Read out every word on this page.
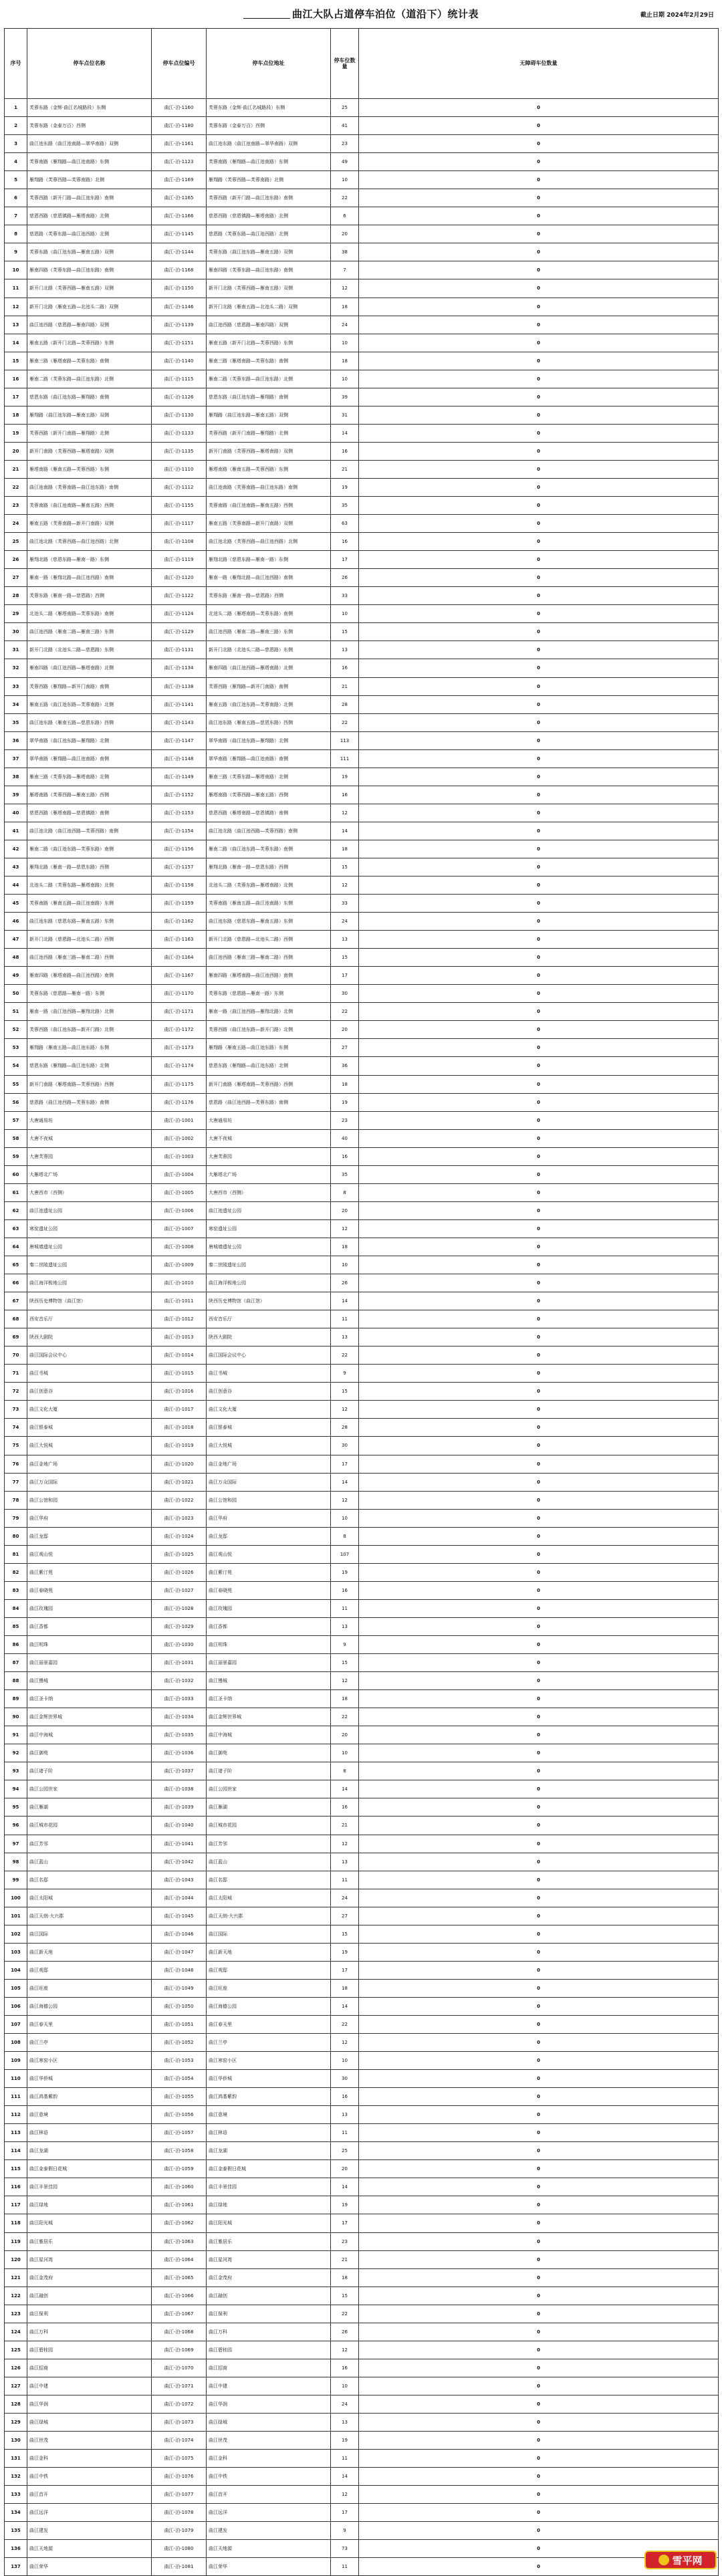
曲江大队占道停车泊位（道沿下）统计表	截止日期 2024年2月29日
序号	停车点位名称	停车点位编号	停车点位地址	停车位数量	无障碍车位数量
1	芙蓉东路（金辉·曲江名城路段）东侧	曲江-泊-1160	芙蓉东路（金辉·曲江名城路段）东侧	25	0
2	芙蓉东路（金泰万百）西侧	曲江-泊-1180	芙蓉东路（金泰万百）西侧	41	0
3	曲江池东路（曲江池南路—翠华南路）双侧	曲江-泊-1161	曲江池东路（曲江池南路—翠华南路）双侧	23	0
4	芙蓉南路（雁翔路—曲江池南路）东侧	曲江-泊-1123	芙蓉南路（雁翔路—曲江池南路）东侧	49	0
5	雁翔路（芙蓉西路—芙蓉南路）北侧	曲江-泊-1169	雁翔路（芙蓉西路—芙蓉南路）北侧	10	0
6	芙蓉西路（新开门路—曲江池东路）南侧	曲江-泊-1165	芙蓉西路（新开门路—曲江池东路）南侧	22	0
7	慈恩西路（慈恩镇路—雁塔南路）北侧	曲江-泊-1166	慈恩西路（慈恩镇路—雁塔南路）北侧	6	0
8	慈恩路（芙蓉东路—曲江池西路）北侧	曲江-泊-1145	慈恩路（芙蓉东路—曲江池西路）北侧	20	0
9	芙蓉东路（曲江池东路—雁南五路）双侧	曲江-泊-1144	芙蓉东路（曲江池东路—雁南五路）双侧	38	0
10	雁南四路（芙蓉东路—曲江池东路）南侧	曲江-泊-1168	雁南四路（芙蓉东路—曲江池东路）南侧	7	0
11	新开门北路（芙蓉西路—雁南五路）双侧	曲江-泊-1150	新开门北路（芙蓉西路—雁南五路）双侧	12	0
12	新开门北路（雁南五路—北池头二路）双侧	曲江-泊-1146	新开门北路（雁南五路—北池头二路）双侧	18	0
13	曲江池西路（慈恩路—雁南四路）双侧	曲江-泊-1139	曲江池西路（慈恩路—雁南四路）双侧	24	0
14	雁南五路（新开门北路—芙蓉西路）东侧	曲江-泊-1151	雁南五路（新开门北路—芙蓉西路）东侧	10	0
15	雁南三路（雁塔南路—芙蓉东路）南侧	曲江-泊-1140	雁南三路（雁塔南路—芙蓉东路）南侧	18	0
16	雁南二路（芙蓉东路—曲江池东路）北侧	曲江-泊-1115	雁南二路（芙蓉东路—曲江池东路）北侧	10	0
17	慈恩东路（曲江池东路—雁翔路）南侧	曲江-泊-1126	慈恩东路（曲江池东路—雁翔路）南侧	39	0
18	雁翔路（曲江池东路—雁南五路）双侧	曲江-泊-1130	雁翔路（曲江池东路—雁南五路）双侧	31	0
19	芙蓉西路（新开门南路—雁翔路）北侧	曲江-泊-1133	芙蓉西路（新开门南路—雁翔路）北侧	14	0
20	新开门南路（芙蓉西路—雁塔南路）双侧	曲江-泊-1135	新开门南路（芙蓉西路—雁塔南路）双侧	16	0
21	雁塔南路（雁南五路—芙蓉西路）东侧	曲江-泊-1110	雁塔南路（雁南五路—芙蓉西路）东侧	21	0
22	曲江池南路（芙蓉南路—曲江池东路）南侧	曲江-泊-1112	曲江池南路（芙蓉南路—曲江池东路）南侧	19	0
23	芙蓉南路（曲江池南路—雁南五路）西侧	曲江-泊-1155	芙蓉南路（曲江池南路—雁南五路）西侧	35	0
24	雁南五路（芙蓉南路—新开门南路）双侧	曲江-泊-1117	雁南五路（芙蓉南路—新开门南路）双侧	63	0
25	曲江池北路（芙蓉西路—曲江池西路）北侧	曲江-泊-1108	曲江池北路（芙蓉西路—曲江池西路）北侧	16	0
26	雁翔北路（慈恩东路—雁南一路）东侧	曲江-泊-1119	雁翔北路（慈恩东路—雁南一路）东侧	17	0
27	雁南一路（雁翔北路—曲江池西路）南侧	曲江-泊-1120	雁南一路（雁翔北路—曲江池西路）南侧	26	0
28	芙蓉东路（雁南一路—慈恩路）西侧	曲江-泊-1122	芙蓉东路（雁南一路—慈恩路）西侧	33	0
29	北池头二路（雁塔南路—芙蓉东路）南侧	曲江-泊-1124	北池头二路（雁塔南路—芙蓉东路）南侧	10	0
30	曲江池西路（雁南二路—雁南三路）东侧	曲江-泊-1129	曲江池西路（雁南二路—雁南三路）东侧	15	0
31	新开门北路（北池头二路—慈恩路）东侧	曲江-泊-1131	新开门北路（北池头二路—慈恩路）东侧	13	0
32	雁南四路（曲江池西路—雁塔南路）北侧	曲江-泊-1134	雁南四路（曲江池西路—雁塔南路）北侧	16	0
33	芙蓉西路（雁翔路—新开门南路）南侧	曲江-泊-1138	芙蓉西路（雁翔路—新开门南路）南侧	21	0
34	雁南五路（曲江池东路—芙蓉南路）北侧	曲江-泊-1141	雁南五路（曲江池东路—芙蓉南路）北侧	28	0
35	曲江池东路（雁南五路—慈恩东路）西侧	曲江-泊-1143	曲江池东路（雁南五路—慈恩东路）西侧	22	0
36	翠华南路（曲江池东路—雁翔路）北侧	曲江-泊-1147	翠华南路（曲江池东路—雁翔路）北侧	113	0
37	翠华南路（雁翔路—曲江池南路）南侧	曲江-泊-1148	翠华南路（雁翔路—曲江池南路）南侧	111	0
38	雁南三路（芙蓉东路—雁塔南路）北侧	曲江-泊-1149	雁南三路（芙蓉东路—雁塔南路）北侧	19	0
39	雁塔南路（芙蓉西路—雁南五路）西侧	曲江-泊-1152	雁塔南路（芙蓉西路—雁南五路）西侧	16	0
40	慈恩西路（雁塔南路—慈恩镇路）南侧	曲江-泊-1153	慈恩西路（雁塔南路—慈恩镇路）南侧	12	0
41	曲江池北路（曲江池西路—芙蓉西路）南侧	曲江-泊-1154	曲江池北路（曲江池西路—芙蓉西路）南侧	14	0
42	雁南二路（曲江池东路—芙蓉东路）南侧	曲江-泊-1156	雁南二路（曲江池东路—芙蓉东路）南侧	18	0
43	雁翔北路（雁南一路—慈恩东路）西侧	曲江-泊-1157	雁翔北路（雁南一路—慈恩东路）西侧	15	0
44	北池头二路（芙蓉东路—雁塔南路）北侧	曲江-泊-1158	北池头二路（芙蓉东路—雁塔南路）北侧	12	0
45	芙蓉南路（雁南五路—曲江池南路）东侧	曲江-泊-1159	芙蓉南路（雁南五路—曲江池南路）东侧	33	0
46	曲江池东路（慈恩东路—雁南五路）东侧	曲江-泊-1162	曲江池东路（慈恩东路—雁南五路）东侧	24	0
47	新开门北路（慈恩路—北池头二路）西侧	曲江-泊-1163	新开门北路（慈恩路—北池头二路）西侧	13	0
48	曲江池西路（雁南三路—雁南二路）西侧	曲江-泊-1164	曲江池西路（雁南三路—雁南二路）西侧	15	0
49	雁南四路（雁塔南路—曲江池西路）南侧	曲江-泊-1167	雁南四路（雁塔南路—曲江池西路）南侧	17	0
50	芙蓉东路（慈恩路—雁南一路）东侧	曲江-泊-1170	芙蓉东路（慈恩路—雁南一路）东侧	30	0
51	雁南一路（曲江池西路—雁翔北路）北侧	曲江-泊-1171	雁南一路（曲江池西路—雁翔北路）北侧	22	0
52	芙蓉西路（曲江池东路—新开门路）北侧	曲江-泊-1172	芙蓉西路（曲江池东路—新开门路）北侧	20	0
53	雁翔路（雁南五路—曲江池东路）东侧	曲江-泊-1173	雁翔路（雁南五路—曲江池东路）东侧	27	0
54	慈恩东路（雁翔路—曲江池东路）北侧	曲江-泊-1174	慈恩东路（雁翔路—曲江池东路）北侧	36	0
55	新开门南路（雁塔南路—芙蓉西路）西侧	曲江-泊-1175	新开门南路（雁塔南路—芙蓉西路）西侧	18	0
56	慈恩路（曲江池西路—芙蓉东路）南侧	曲江-泊-1176	慈恩路（曲江池西路—芙蓉东路）南侧	19	0
57	大唐通易坊	曲江-泊-1001	大唐通易坊	23	0
58	大唐不夜城	曲江-泊-1002	大唐不夜城	40	0
59	大唐芙蓉园	曲江-泊-1003	大唐芙蓉园	16	0
60	大雁塔北广场	曲江-泊-1004	大雁塔北广场	35	0
61	大唐西市（西侧）	曲江-泊-1005	大唐西市（西侧）	8	0
62	曲江池遗址公园	曲江-泊-1006	曲江池遗址公园	20	0
63	寒窑遗址公园	曲江-泊-1007	寒窑遗址公园	12	0
64	唐城墙遗址公园	曲江-泊-1008	唐城墙遗址公园	18	0
65	秦二世陵遗址公园	曲江-泊-1009	秦二世陵遗址公园	10	0
66	曲江海洋极地公园	曲江-泊-1010	曲江海洋极地公园	26	0
67	陕西历史博物馆（曲江馆）	曲江-泊-1011	陕西历史博物馆（曲江馆）	14	0
68	西安音乐厅	曲江-泊-1012	西安音乐厅	11	0
69	陕西大剧院	曲江-泊-1013	陕西大剧院	13	0
70	曲江国际会议中心	曲江-泊-1014	曲江国际会议中心	22	0
71	曲江书城	曲江-泊-1015	曲江书城	9	0
72	曲江创意谷	曲江-泊-1016	曲江创意谷	15	0
73	曲江文化大厦	曲江-泊-1017	曲江文化大厦	12	0
74	曲江银泰城	曲江-泊-1018	曲江银泰城	28	0
75	曲江大悦城	曲江-泊-1019	曲江大悦城	30	0
76	曲江金地广场	曲江-泊-1020	曲江金地广场	17	0
77	曲江万众国际	曲江-泊-1021	曲江万众国际	14	0
78	曲江公馆和园	曲江-泊-1022	曲江公馆和园	12	0
79	曲江华府	曲江-泊-1023	曲江华府	10	0
80	曲江龙邸	曲江-泊-1024	曲江龙邸	8	0
81	曲江观山悦	曲江-泊-1025	曲江观山悦	107	0
82	曲江紫汀苑	曲江-泊-1026	曲江紫汀苑	19	0
83	曲江春晓苑	曲江-泊-1027	曲江春晓苑	16	0
84	曲江玫瑰园	曲江-泊-1028	曲江玫瑰园	11	0
85	曲江香都	曲江-泊-1029	曲江香都	13	0
86	曲江明珠	曲江-泊-1030	曲江明珠	9	0
87	曲江丽景嘉园	曲江-泊-1031	曲江丽景嘉园	15	0
88	曲江慢城	曲江-泊-1032	曲江慢城	12	0
89	曲江圣卡纳	曲江-泊-1033	曲江圣卡纳	18	0
90	曲江金辉世界城	曲江-泊-1034	曲江金辉世界城	22	0
91	曲江中海城	曲江-泊-1035	曲江中海城	20	0
92	曲江御苑	曲江-泊-1036	曲江御苑	10	0
93	曲江诸子阶	曲江-泊-1037	曲江诸子阶	8	0
94	曲江公园世家	曲江-泊-1038	曲江公园世家	14	0
95	曲江雁湖	曲江-泊-1039	曲江雁湖	16	0
96	曲江城市花园	曲江-泊-1040	曲江城市花园	21	0
97	曲江芳邻	曲江-泊-1041	曲江芳邻	12	0
98	曲江蓝山	曲江-泊-1042	曲江蓝山	13	0
99	曲江名邸	曲江-泊-1043	曲江名邸	11	0
100	曲江太阳城	曲江-泊-1044	曲江太阳城	24	0
101	曲江天朗·大兴郡	曲江-泊-1045	曲江天朗·大兴郡	27	0
102	曲江国际	曲江-泊-1046	曲江国际	15	0
103	曲江新天地	曲江-泊-1047	曲江新天地	19	0
104	曲江观邸	曲江-泊-1048	曲江观邸	17	0
105	曲江旺座	曲江-泊-1049	曲江旺座	18	0
106	曲江海德公园	曲江-泊-1050	曲江海德公园	14	0
107	曲江春天里	曲江-泊-1051	曲江春天里	22	0
108	曲江兰亭	曲江-泊-1052	曲江兰亭	12	0
109	曲江寒窑小区	曲江-泊-1053	曲江寒窑小区	10	0
110	曲江华侨城	曲江-泊-1054	曲江华侨城	30	0
111	曲江鸿基紫韵	曲江-泊-1055	曲江鸿基紫韵	16	0
112	曲江意境	曲江-泊-1056	曲江意境	13	0
113	曲江林语	曲江-泊-1057	曲江林语	11	0
114	曲江龙湖	曲江-泊-1058	曲江龙湖	25	0
115	曲江金泰假日花城	曲江-泊-1059	曲江金泰假日花城	20	0
116	曲江丰景佳园	曲江-泊-1060	曲江丰景佳园	14	0
117	曲江绿地	曲江-泊-1061	曲江绿地	19	0
118	曲江阳光城	曲江-泊-1062	曲江阳光城	17	0
119	曲江雅居乐	曲江-泊-1063	曲江雅居乐	23	0
120	曲江星河湾	曲江-泊-1064	曲江星河湾	21	0
121	曲江金茂府	曲江-泊-1065	曲江金茂府	18	0
122	曲江融创	曲江-泊-1066	曲江融创	15	0
123	曲江保利	曲江-泊-1067	曲江保利	22	0
124	曲江万科	曲江-泊-1068	曲江万科	26	0
125	曲江碧桂园	曲江-泊-1069	曲江碧桂园	12	0
126	曲江招商	曲江-泊-1070	曲江招商	16	0
127	曲江中建	曲江-泊-1071	曲江中建	10	0
128	曲江华润	曲江-泊-1072	曲江华润	24	0
129	曲江绿城	曲江-泊-1073	曲江绿城	13	0
130	曲江世茂	曲江-泊-1074	曲江世茂	19	0
131	曲江金科	曲江-泊-1075	曲江金科	11	0
132	曲江中铁	曲江-泊-1076	曲江中铁	14	0
133	曲江首开	曲江-泊-1077	曲江首开	12	0
134	曲江远洋	曲江-泊-1078	曲江远洋	17	0
135	曲江建发	曲江-泊-1079	曲江建发	9	0
136	曲江天地源	曲江-泊-1080	曲江天地源	73	0
137	曲江荣华	曲江-泊-1081	曲江荣华	11	0
雪平网
